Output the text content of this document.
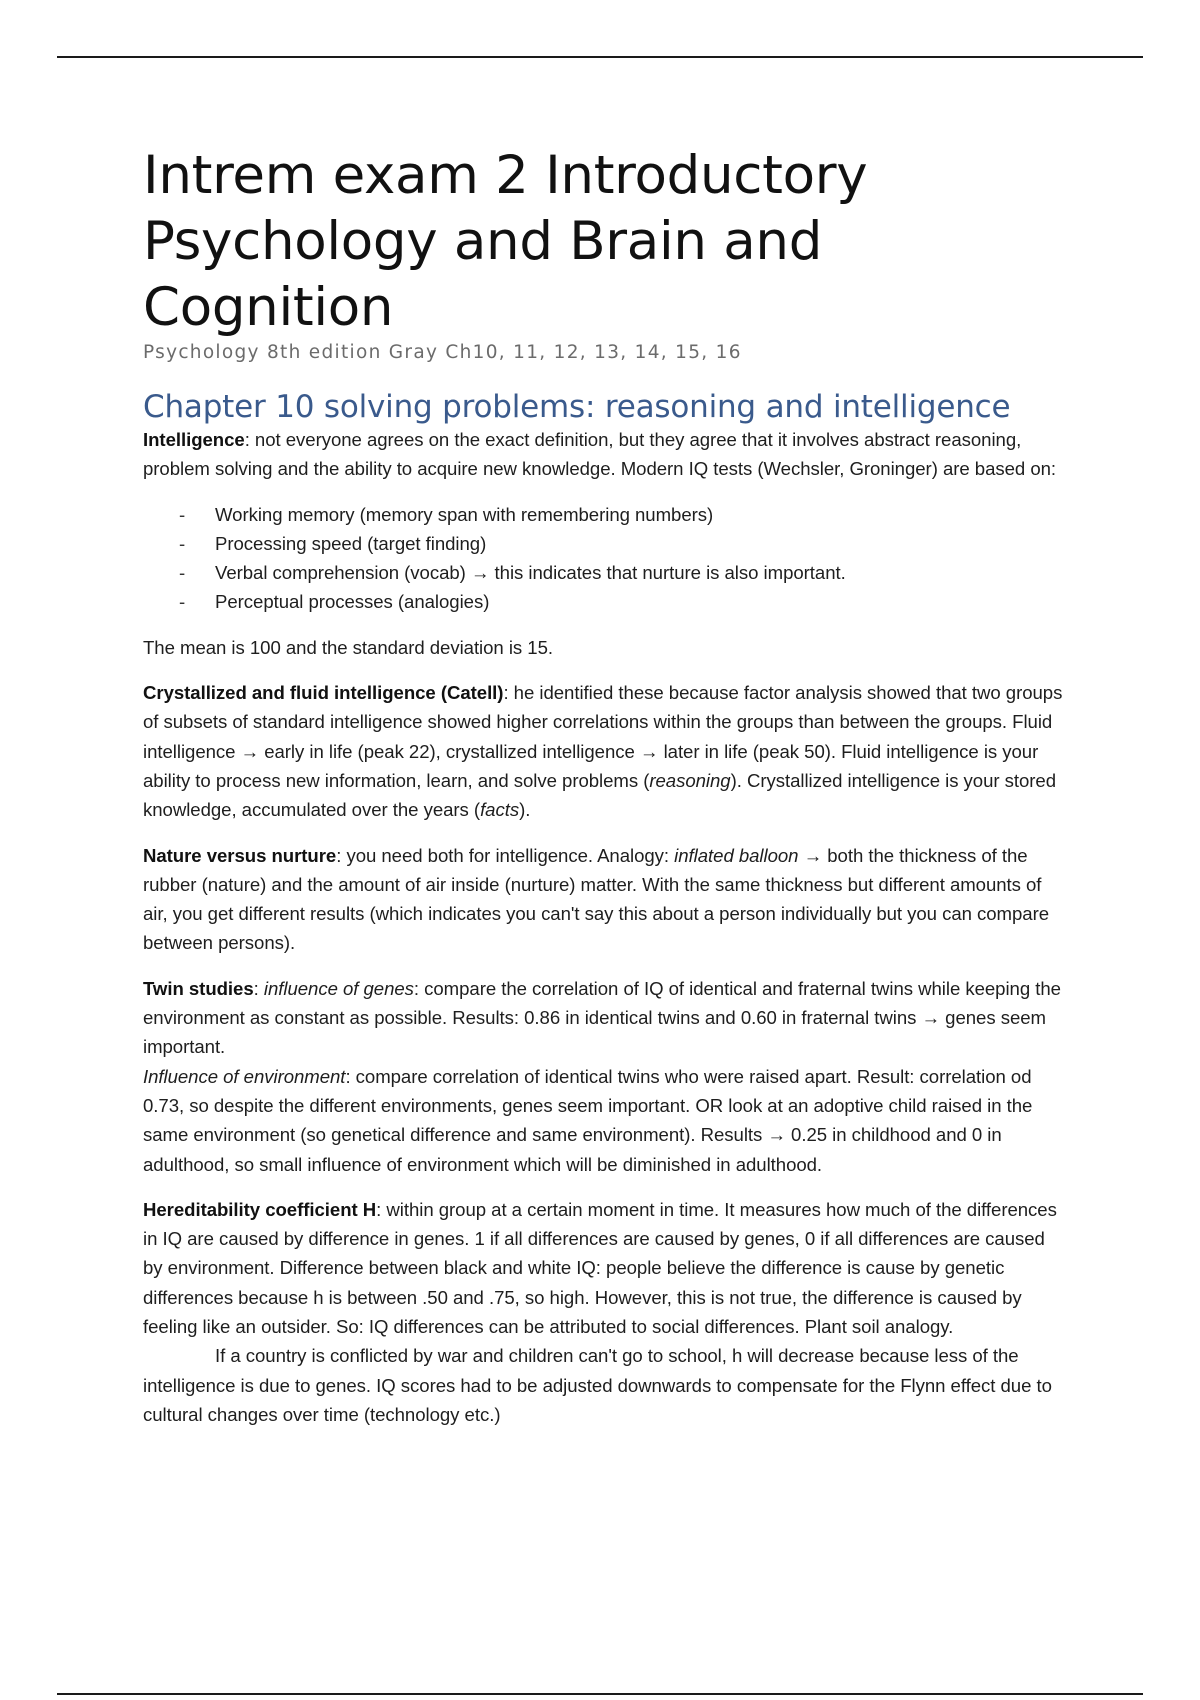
Intrem exam 2 Introductory Psychology and Brain and Cognition
Psychology 8th edition Gray Ch10, 11, 12, 13, 14, 15, 16
Chapter 10 solving problems: reasoning and intelligence

Intelligence: not everyone agrees on the exact definition, but they agree that it involves abstract reasoning, problem solving and the ability to acquire new knowledge. Modern IQ tests (Wechsler, Groninger) are based on:

- Working memory (memory span with remembering numbers)
- Processing speed (target finding)
- Verbal comprehension (vocab) → this indicates that nurture is also important.
- Perceptual processes (analogies)

The mean is 100 and the standard deviation is 15.

Crystallized and fluid intelligence (Catell): he identified these because factor analysis showed that two groups of subsets of standard intelligence showed higher correlations within the groups than between the groups. Fluid intelligence → early in life (peak 22), crystallized intelligence → later in life (peak 50). Fluid intelligence is your ability to process new information, learn, and solve problems (reasoning). Crystallized intelligence is your stored knowledge, accumulated over the years (facts).

Nature versus nurture: you need both for intelligence. Analogy: inflated balloon → both the thickness of the rubber (nature) and the amount of air inside (nurture) matter. With the same thickness but different amounts of air, you get different results (which indicates you can't say this about a person individually but you can compare between persons).

Twin studies: influence of genes: compare the correlation of IQ of identical and fraternal twins while keeping the environment as constant as possible. Results: 0.86 in identical twins and 0.60 in fraternal twins → genes seem important.

Influence of environment: compare correlation of identical twins who were raised apart. Result: correlation od 0.73, so despite the different environments, genes seem important. OR look at an adoptive child raised in the same environment (so genetical difference and same environment). Results → 0.25 in childhood and 0 in adulthood, so small influence of environment which will be diminished in adulthood.

Hereditability coefficient H: within group at a certain moment in time. It measures how much of the differences in IQ are caused by difference in genes. 1 if all differences are caused by genes, 0 if all differences are caused by environment. Difference between black and white IQ: people believe the difference is cause by genetic differences because h is between .50 and .75, so high. However, this is not true, the difference is caused by feeling like an outsider. So: IQ differences can be attributed to social differences. Plant soil analogy.

If a country is conflicted by war and children can't go to school, h will decrease because less of the intelligence is due to genes. IQ scores had to be adjusted downwards to compensate for the Flynn effect due to cultural changes over time (technology etc.)
